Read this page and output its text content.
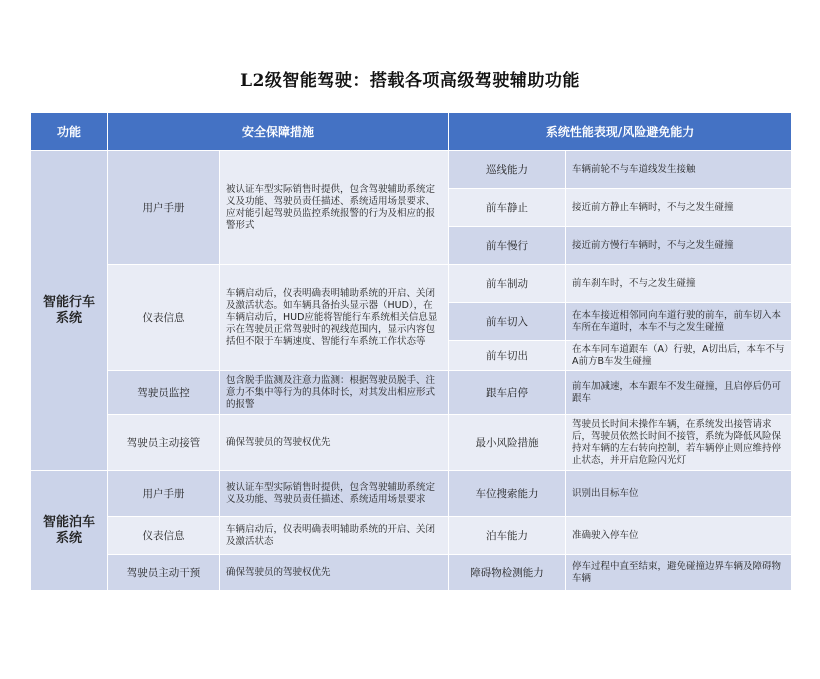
L2级智能驾驶：搭载各项高级驾驶辅助功能
功能	安全保障措施		系统性能表现/风险避免能力	
智能行车系统	用户手册	被认证车型实际销售时提供，包含驾驶辅助系统定义及功能、驾驶员责任描述、系统适用场景要求、应对能引起驾驶员监控系统报警的行为及相应的报警形式	巡线能力	车辆前轮不与车道线发生接触
			前车静止	接近前方静止车辆时，不与之发生碰撞
			前车慢行	接近前方慢行车辆时，不与之发生碰撞
	仪表信息	车辆启动后，仪表明确表明辅助系统的开启、关闭及激活状态。如车辆具备抬头显示器（HUD），在车辆启动后，HUD应能将智能行车系统相关信息显示在驾驶员正常驾驶时的视线范围内，显示内容包括但不限于车辆速度、智能行车系统工作状态等	前车制动	前车刹车时，不与之发生碰撞
			前车切入	在本车接近相邻同向车道行驶的前车，前车切入本车所在车道时，本车不与之发生碰撞
			前车切出	在本车同车道跟车（A）行驶，A切出后，本车不与A前方B车发生碰撞
	驾驶员监控	包含脱手监测及注意力监测：根据驾驶员脱手、注意力不集中等行为的具体时长，对其发出相应形式的报警	跟车启停	前车加减速，本车跟车不发生碰撞，且启停后仍可跟车
	驾驶员主动接管	确保驾驶员的驾驶权优先	最小风险措施	驾驶员长时间未操作车辆，在系统发出接管请求后，驾驶员依然长时间不接管，系统为降低风险保持对车辆的左右转向控制，若车辆停止则应维持停止状态，并开启危险闪光灯
智能泊车系统	用户手册	被认证车型实际销售时提供，包含驾驶辅助系统定义及功能、驾驶员责任描述、系统适用场景要求	车位搜索能力	识别出目标车位
	仪表信息	车辆启动后，仪表明确表明辅助系统的开启、关闭及激活状态	泊车能力	准确驶入停车位
	驾驶员主动干预	确保驾驶员的驾驶权优先	障碍物检测能力	停车过程中直至结束，避免碰撞边界车辆及障碍物车辆
